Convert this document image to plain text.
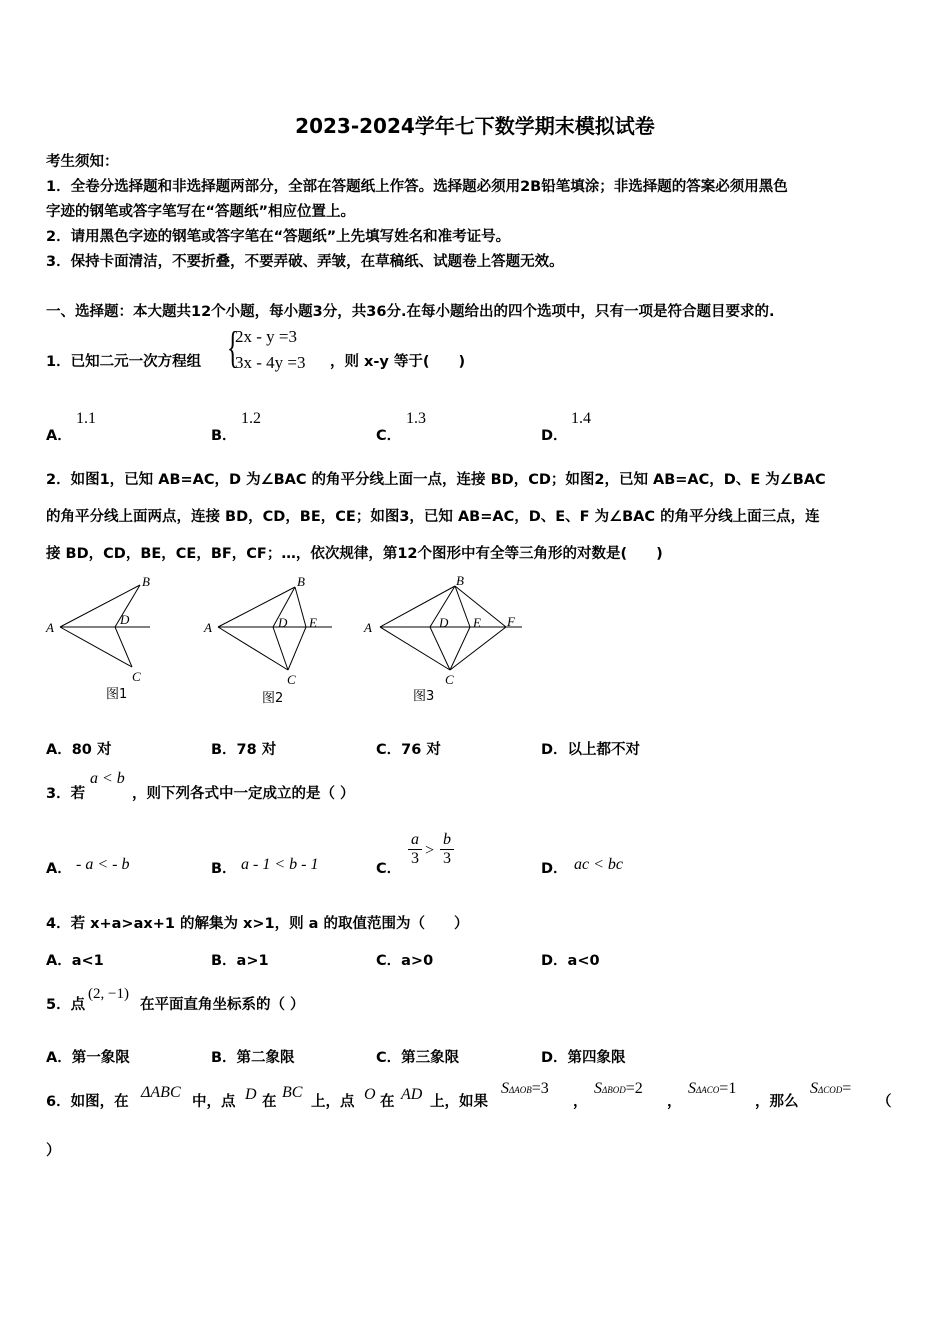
2023-2024学年七下数学期末模拟试卷
考生须知：
1．全卷分选择题和非选择题两部分，全部在答题纸上作答。选择题必须用2B铅笔填涂；非选择题的答案必须用黑色
字迹的钢笔或答字笔写在“答题纸”相应位置上。
2．请用黑色字迹的钢笔或答字笔在“答题纸”上先填写姓名和准考证号。
3．保持卡面清洁，不要折叠，不要弄破、弄皱，在草稿纸、试题卷上答题无效。
一、选择题：本大题共12个小题，每小题3分，共36分.在每小题给出的四个选项中，只有一项是符合题目要求的.
1．已知二元一次方程组 {
2x - y =3
3x - 4y =3 ，则 x-y 等于(　　)
A．
1.1
B．
1.2
C．
1.3
D．
1.4
2．如图1，已知 AB=AC，D 为∠BAC 的角平分线上面一点，连接 BD，CD；如图2，已知 AB=AC，D、E 为∠BAC
的角平分线上面两点，连接 BD，CD，BE，CE；如图3，已知 AB=AC，D、E、F 为∠BAC 的角平分线上面三点，连
接 BD，CD，BE，CE，BF，CF；…，依次规律，第12个图形中有全等三角形的对数是(　　)
A
B
D
C
图1
A
B
D E
C
图2
A
B
D E F
C
图3
A．80 对	B．78 对	C．76 对	D．以上都不对
3．若
a < b
，则下列各式中一定成立的是（ ）
A． - a < - b	B． a - 1 < b - 1	C．
$\frac{a}{3} > \frac{b}{3}$
D． ac < bc
4．若 x+a>ax+1 的解集为 x>1，则 a 的取值范围为（　　）
A．a<1	B．a>1	C．a>0	D．a<0
5．点
(2, −1)
在平面直角坐标系的（ ）
A．第一象限	B．第二象限	C．第三象限	D．第四象限
6．如图，在
ΔABC
中，点 D 在
BC
上，点 O 在 AD 上，如果
SΔAOB=3
，
SΔBOD=2
，
SΔACO=1
，那么
SΔCOD=
（
）
